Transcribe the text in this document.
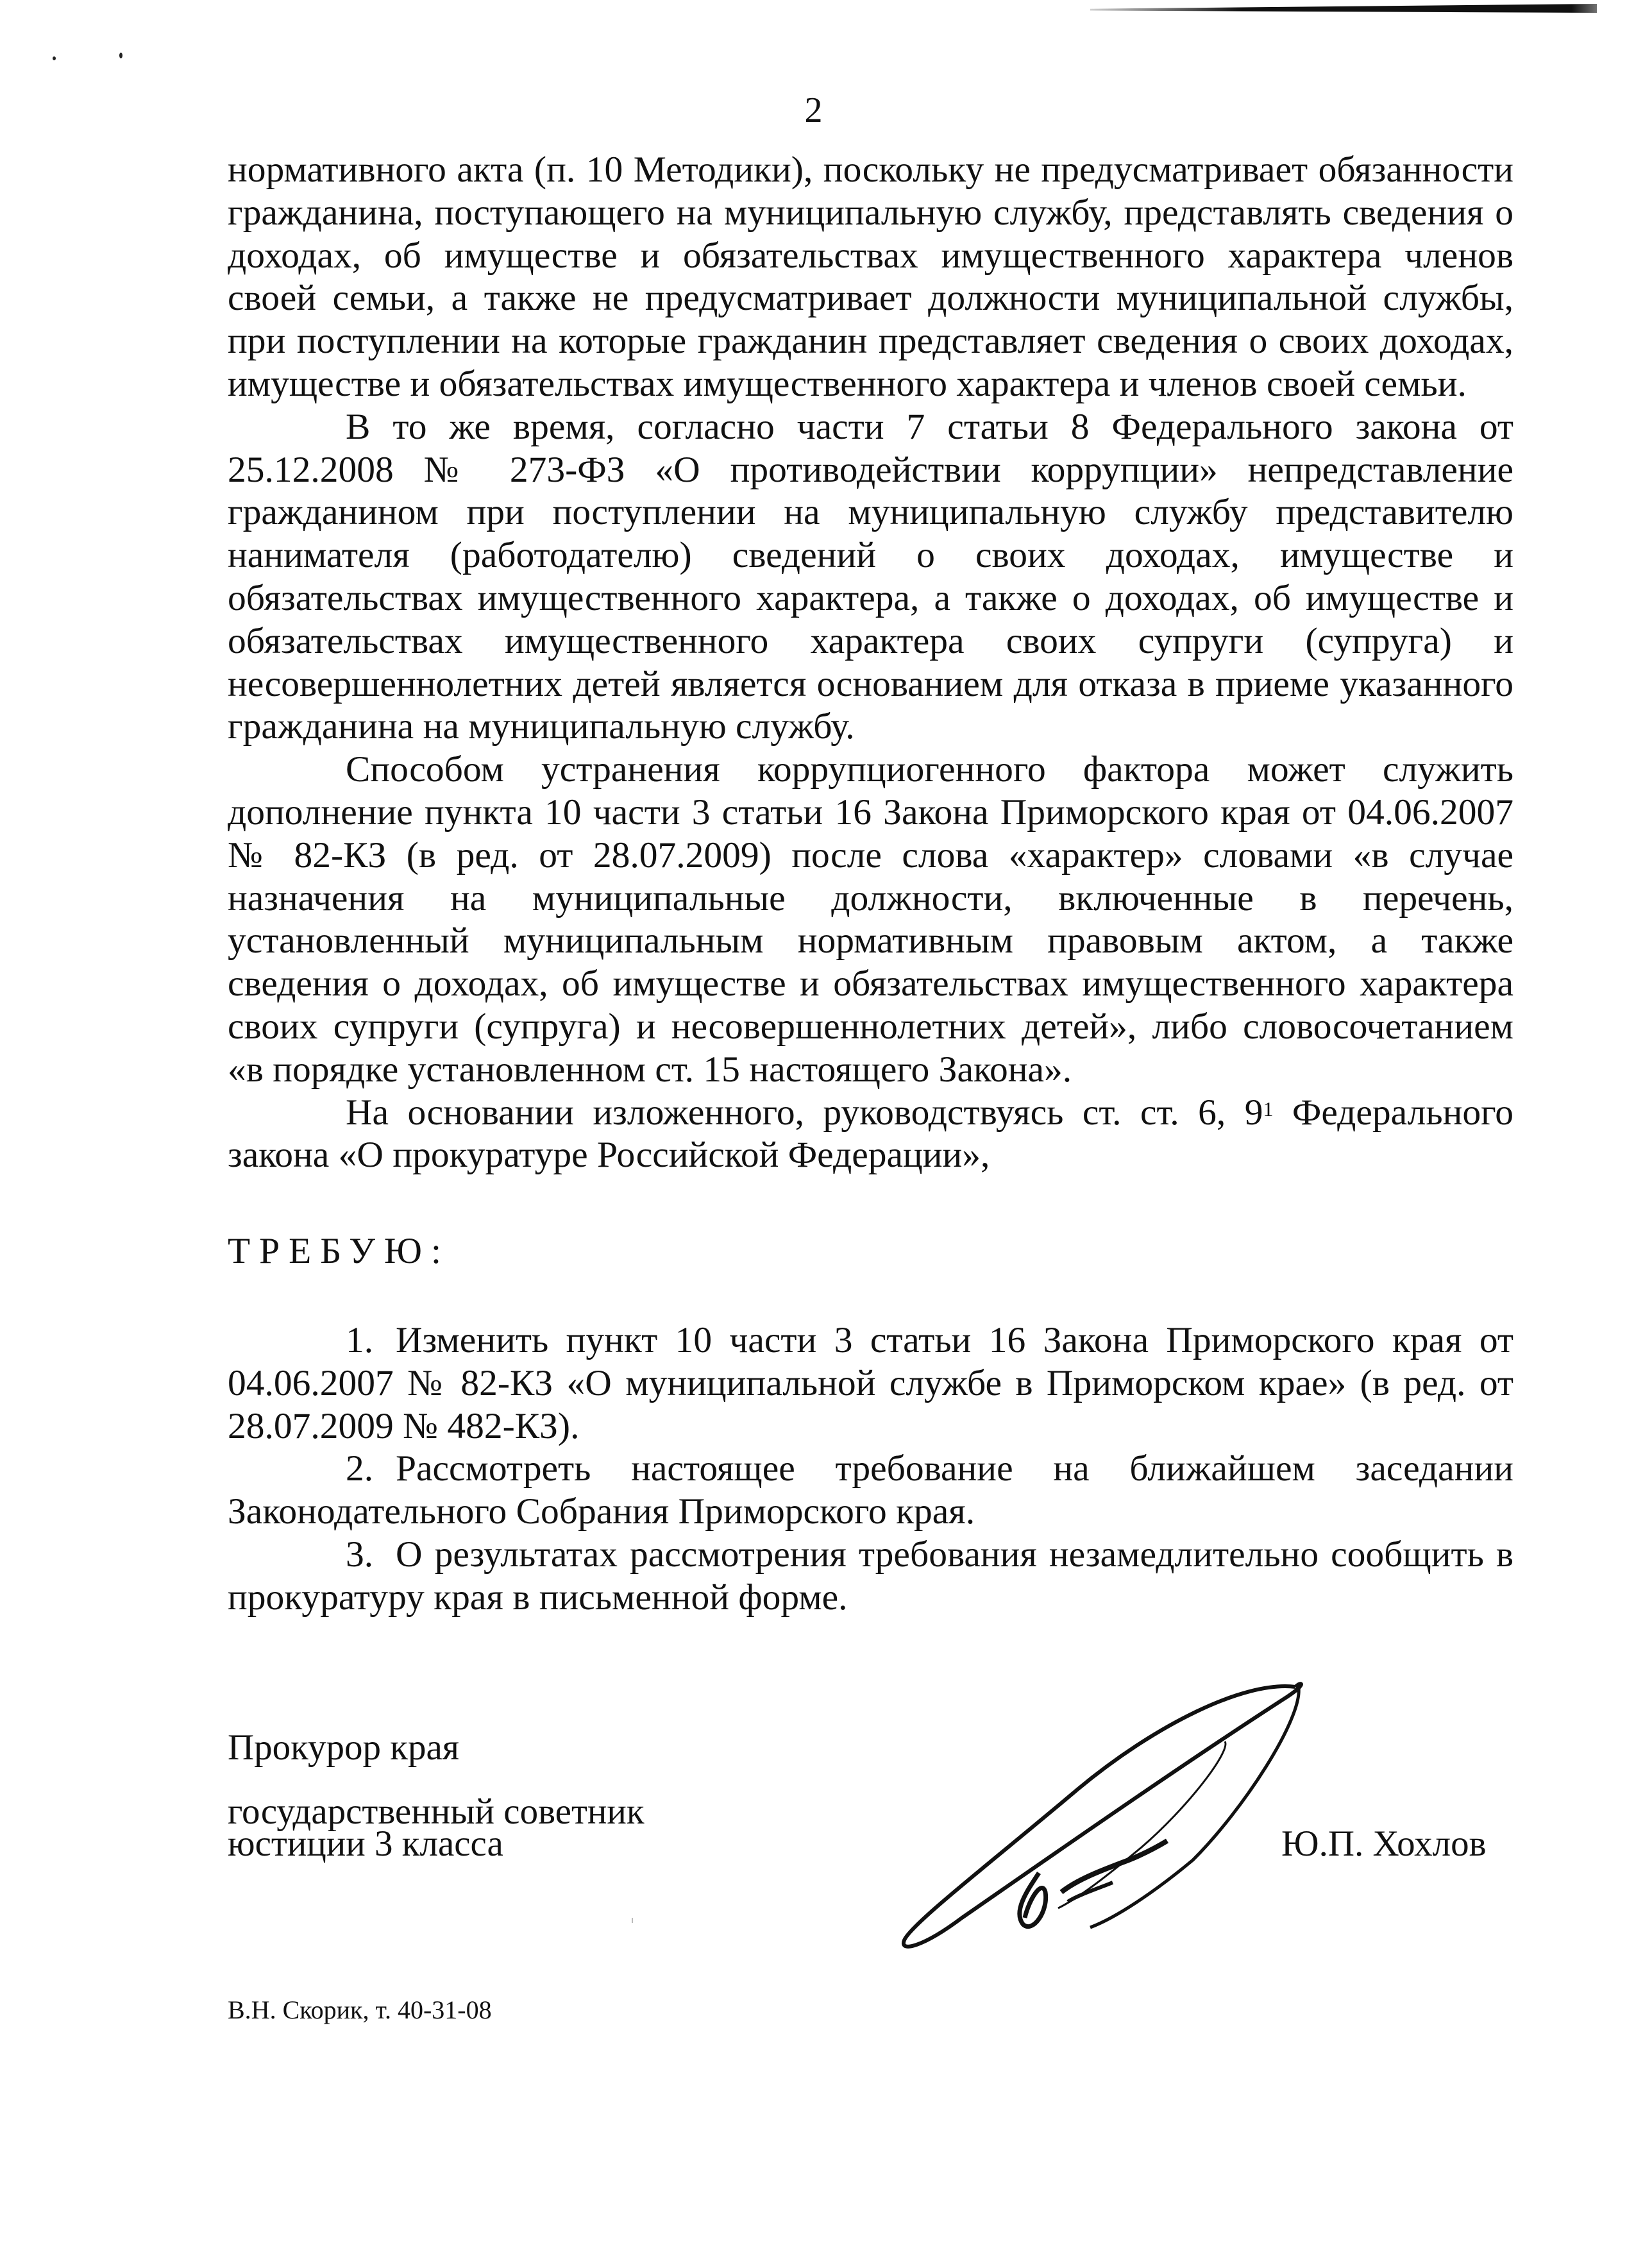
2

нормативного акта (п. 10 Методики), поскольку не предусматривает обязанности гражданина, поступающего на муниципальную службу, представлять сведения о доходах, об имуществе и обязательствах имущественного характера членов своей семьи, а также не предусматривает должности муниципальной службы, при поступлении на которые гражданин представляет сведения о своих доходах, имуществе и обязательствах имущественного характера и членов своей семьи.

В то же время, согласно части 7 статьи 8 Федерального закона от 25.12.2008 № 273-ФЗ «О противодействии коррупции» непредставление гражданином при поступлении на муниципальную службу представителю нанимателя (работодателю) сведений о своих доходах, имуществе и обязательствах имущественного характера, а также о доходах, об имуществе и обязательствах имущественного характера своих супруги (супруга) и несовершеннолетних детей является основанием для отказа в приеме указанного гражданина на муниципальную службу.

Способом устранения коррупциогенного фактора может служить дополнение пункта 10 части 3 статьи 16 Закона Приморского края от 04.06.2007 № 82-КЗ (в ред. от 28.07.2009) после слова «характер» словами «в случае назначения на муниципальные должности, включенные в перечень, установленный муниципальным нормативным правовым актом, а также сведения о доходах, об имуществе и обязательствах имущественного характера своих супруги (супруга) и несовершеннолетних детей», либо словосочетанием «в порядке установленном ст. 15 настоящего Закона».

На основании изложенного, руководствуясь ст. ст. 6, $9^1$ Федерального закона «О прокуратуре Российской Федерации»,

ТРЕБУЮ:

1. Изменить пункт 10 части 3 статьи 16 Закона Приморского края от 04.06.2007 № 82-КЗ «О муниципальной службе в Приморском крае» (в ред. от 28.07.2009 № 482-КЗ).

2. Рассмотреть настоящее требование на ближайшем заседании Законодательного Собрания Приморского края.

3. О результатах рассмотрения требования незамедлительно сообщить в прокуратуру края в письменной форме.

Прокурор края
государственный советник
юстиции 3 класса	Ю.П. Хохлов
В.Н. Скорик, т. 40-31-08
